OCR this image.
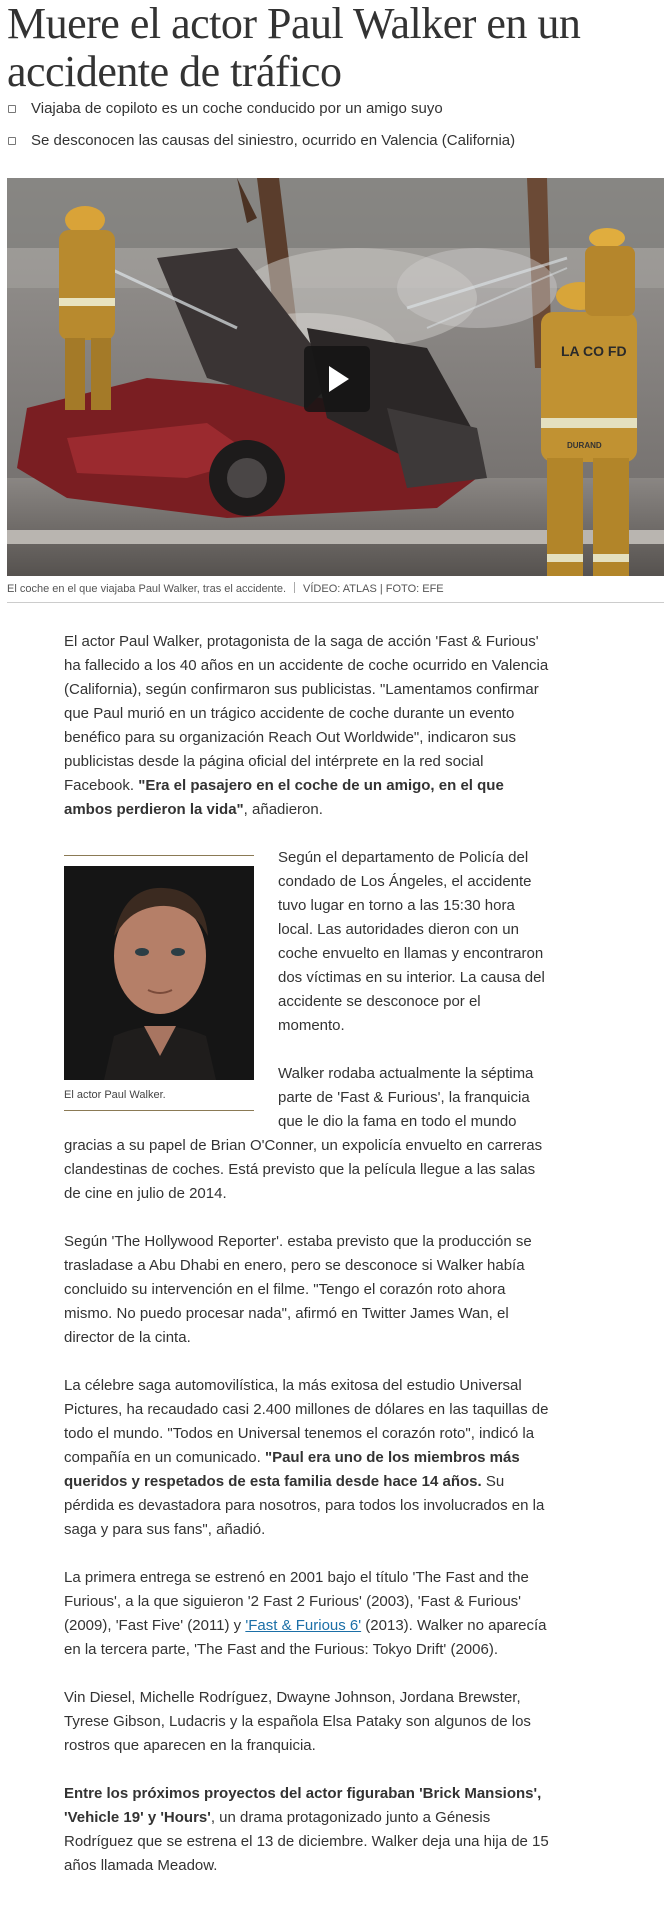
Muere el actor Paul Walker en un accidente de tráfico
Viajaba de copiloto es un coche conducido por un amigo suyo
Se desconocen las causas del siniestro, ocurrido en Valencia (California)
LA CO FD
DURAND
El coche en el que viajaba Paul Walker, tras el accidente. VÍDEO: ATLAS | FOTO: EFE

El actor Paul Walker, protagonista de la saga de acción 'Fast & Furious' ha fallecido a los 40 años en un accidente de coche ocurrido en Valencia (California), según confirmaron sus publicistas. "Lamentamos confirmar que Paul murió en un trágico accidente de coche durante un evento benéfico para su organización Reach Out Worldwide", indicaron sus publicistas desde la página oficial del intérprete en la red social Facebook. "Era el pasajero en el coche de un amigo, en el que ambos perdieron la vida", añadieron.

El actor Paul Walker.

Según el departamento de Policía del condado de Los Ángeles, el accidente tuvo lugar en torno a las 15:30 hora local. Las autoridades dieron con un coche envuelto en llamas y encontraron dos víctimas en su interior. La causa del accidente se desconoce por el momento.

Walker rodaba actualmente la séptima parte de 'Fast & Furious', la franquicia que le dio la fama en todo el mundo gracias a su papel de Brian O'Conner, un expolicía envuelto en carreras clandestinas de coches. Está previsto que la película llegue a las salas de cine en julio de 2014.

Según 'The Hollywood Reporter'. estaba previsto que la producción se trasladase a Abu Dhabi en enero, pero se desconoce si Walker había concluido su intervención en el filme. "Tengo el corazón roto ahora mismo. No puedo procesar nada", afirmó en Twitter James Wan, el director de la cinta.

La célebre saga automovilística, la más exitosa del estudio Universal Pictures, ha recaudado casi 2.400 millones de dólares en las taquillas de todo el mundo. "Todos en Universal tenemos el corazón roto", indicó la compañía en un comunicado. "Paul era uno de los miembros más queridos y respetados de esta familia desde hace 14 años. Su pérdida es devastadora para nosotros, para todos los involucrados en la saga y para sus fans", añadió.

La primera entrega se estrenó en 2001 bajo el título 'The Fast and the Furious', a la que siguieron '2 Fast 2 Furious' (2003), 'Fast & Furious' (2009), 'Fast Five' (2011) y 'Fast & Furious 6' (2013). Walker no aparecía en la tercera parte, 'The Fast and the Furious: Tokyo Drift' (2006).

Vin Diesel, Michelle Rodríguez, Dwayne Johnson, Jordana Brewster, Tyrese Gibson, Ludacris y la española Elsa Pataky son algunos de los rostros que aparecen en la franquicia.

Entre los próximos proyectos del actor figuraban 'Brick Mansions', 'Vehicle 19' y 'Hours', un drama protagonizado junto a Génesis Rodríguez que se estrena el 13 de diciembre. Walker deja una hija de 15 años llamada Meadow.
